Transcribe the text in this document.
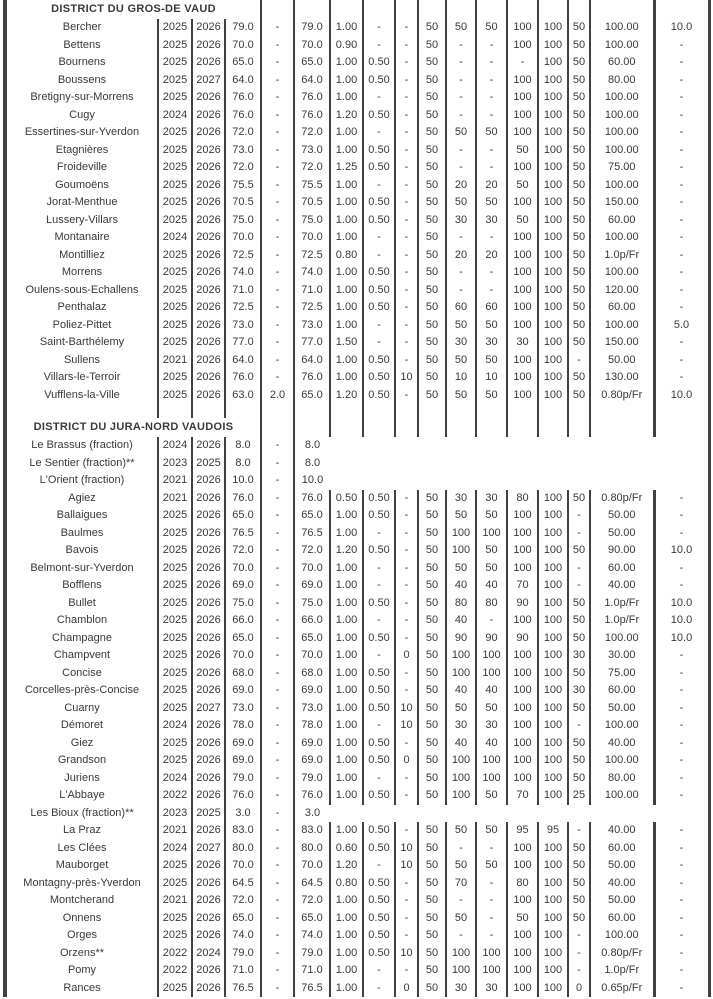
DISTRICT DU GROS-DE VAUD																
Bercher	2025	2026	79.0	-	79.0	1.00	-	-	50	50	50	100	100	50	100.00	10.0
Bettens	2025	2026	70.0	-	70.0	0.90	-	-	50	-	-	100	100	50	100.00	-
Bournens	2025	2026	65.0	-	65.0	1.00	0.50	-	50	-	-	-	100	50	60.00	-
Boussens	2025	2027	64.0	-	64.0	1.00	0.50	-	50	-	-	100	100	50	80.00	-
Bretigny-sur-Morrens	2025	2026	76.0	-	76.0	1.00	-	-	50	-	-	100	100	50	100.00	-
Cugy	2024	2026	76.0	-	76.0	1.20	0.50	-	50	-	-	100	100	50	100.00	-
Essertines-sur-Yverdon	2025	2026	72.0	-	72.0	1.00	-	-	50	50	50	100	100	50	100.00	-
Etagnières	2025	2026	73.0	-	73.0	1.00	0.50	-	50	-	-	50	100	50	100.00	-
Froideville	2025	2026	72.0	-	72.0	1.25	0.50	-	50	-	-	100	100	50	75.00	-
Goumoëns	2025	2026	75.5	-	75.5	1.00	-	-	50	20	20	50	100	50	100.00	-
Jorat-Menthue	2025	2026	70.5	-	70.5	1.00	0.50	-	50	50	50	100	100	50	150.00	-
Lussery-Villars	2025	2026	75.0	-	75.0	1.00	0.50	-	50	30	30	50	100	50	60.00	-
Montanaire	2024	2026	70.0	-	70.0	1.00	-	-	50	-	-	100	100	50	100.00	-
Montilliez	2025	2026	72.5	-	72.5	0.80	-	-	50	20	20	100	100	50	1.0p/Fr	-
Morrens	2025	2026	74.0	-	74.0	1.00	0.50	-	50	-	-	100	100	50	100.00	-
Oulens-sous-Echallens	2025	2026	71.0	-	71.0	1.00	0.50	-	50	-	-	100	100	50	120.00	-
Penthalaz	2025	2026	72.5	-	72.5	1.00	0.50	-	50	60	60	100	100	50	60.00	-
Poliez-Pittet	2025	2026	73.0	-	73.0	1.00	-	-	50	50	50	100	100	50	100.00	5.0
Saint-Barthélemy	2025	2026	77.0	-	77.0	1.50	-	-	50	30	30	30	100	50	150.00	-
Sullens	2021	2026	64.0	-	64.0	1.00	0.50	-	50	50	50	100	100	-	50.00	-
Villars-le-Terroir	2025	2026	76.0	-	76.0	1.00	0.50	10	50	10	10	100	100	50	130.00	-
Vufflens-la-Ville	2025	2026	63.0	2.0	65.0	1.20	0.50	-	50	50	50	100	100	50	0.80p/Fr	10.0

DISTRICT DU JURA-NORD VAUDOIS																
Le Brassus (fraction)	2024	2026	8.0	-	8.0											
Le Sentier (fraction)**	2023	2025	8.0	-	8.0											
L'Orient (fraction)	2021	2026	10.0	-	10.0											
Agiez	2021	2026	76.0	-	76.0	0.50	0.50	-	50	30	30	80	100	50	0.80p/Fr	-
Ballaigues	2025	2026	65.0	-	65.0	1.00	0.50	-	50	50	50	100	100	-	50.00	-
Baulmes	2025	2026	76.5	-	76.5	1.00	-	-	50	100	100	100	100	-	50.00	-
Bavois	2025	2026	72.0	-	72.0	1.20	0.50	-	50	100	50	100	100	50	90.00	10.0
Belmont-sur-Yverdon	2025	2026	70.0	-	70.0	1.00	-	-	50	50	50	100	100	-	60.00	-
Bofflens	2025	2026	69.0	-	69.0	1.00	-	-	50	40	40	70	100	-	40.00	-
Bullet	2025	2026	75.0	-	75.0	1.00	0.50	-	50	80	80	90	100	50	1.0p/Fr	10.0
Chamblon	2025	2026	66.0	-	66.0	1.00	-	-	50	40	-	100	100	50	1.0p/Fr	10.0
Champagne	2025	2026	65.0	-	65.0	1.00	0.50	-	50	90	90	90	100	50	100.00	10.0
Champvent	2025	2026	70.0	-	70.0	1.00	-	0	50	100	100	100	100	30	30.00	-
Concise	2025	2026	68.0	-	68.0	1.00	0.50	-	50	100	100	100	100	50	75.00	-
Corcelles-près-Concise	2025	2026	69.0	-	69.0	1.00	0.50	-	50	40	40	100	100	30	60.00	-
Cuarny	2025	2027	73.0	-	73.0	1.00	0.50	10	50	50	50	100	100	50	50.00	-
Démoret	2024	2026	78.0	-	78.0	1.00	-	10	50	30	30	100	100	-	100.00	-
Giez	2025	2026	69.0	-	69.0	1.00	0.50	-	50	40	40	100	100	50	40.00	-
Grandson	2025	2026	69.0	-	69.0	1.00	0.50	0	50	100	100	100	100	50	100.00	-
Juriens	2024	2026	79.0	-	79.0	1.00	-	-	50	100	100	100	100	50	80.00	-
L'Abbaye	2022	2026	76.0	-	76.0	1.00	0.50	-	50	100	50	70	100	25	100.00	-
Les Bioux (fraction)**	2023	2025	3.0	-	3.0											
La Praz	2021	2026	83.0	-	83.0	1.00	0.50	-	50	50	50	95	95	-	40.00	-
Les Clées	2024	2027	80.0	-	80.0	0.60	0.50	10	50	-	-	100	100	50	60.00	-
Mauborget	2025	2026	70.0	-	70.0	1.20	-	10	50	50	50	100	100	50	50.00	-
Montagny-près-Yverdon	2025	2026	64.5	-	64.5	0.80	0.50	-	50	70	-	80	100	50	40.00	-
Montcherand	2021	2026	72.0	-	72.0	1.00	0.50	-	50	-	-	100	100	50	50.00	-
Onnens	2025	2026	65.0	-	65.0	1.00	0.50	-	50	50	-	50	100	50	60.00	-
Orges	2025	2026	74.0	-	74.0	1.00	0.50	-	50	-	-	100	100	-	100.00	-
Orzens**	2022	2024	79.0	-	79.0	1.00	0.50	10	50	100	100	100	100	-	0.80p/Fr	-
Pomy	2022	2026	71.0	-	71.0	1.00	-	-	50	100	100	100	100	-	1.0p/Fr	-
Rances	2025	2026	76.5	-	76.5	1.00	-	0	50	30	30	100	100	0	0.65p/Fr	-
